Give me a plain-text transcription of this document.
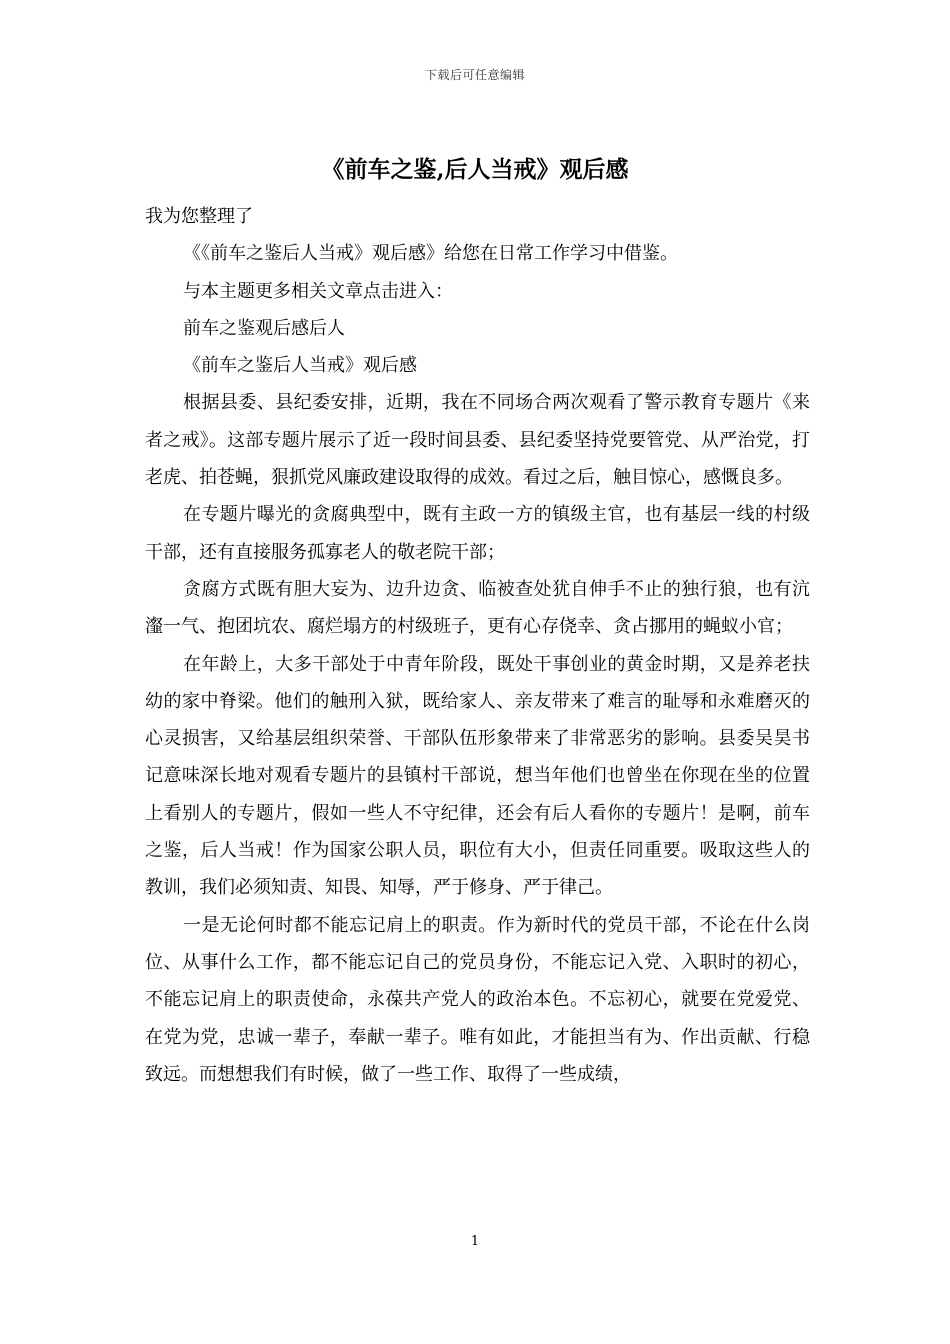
下载后可任意编辑
《前车之鉴,后人当戒》观后感

我为您整理了

《《前车之鉴后人当戒》观后感》给您在日常工作学习中借鉴。

与本主题更多相关文章点击进入：

前车之鉴观后感后人

《前车之鉴后人当戒》观后感

根据县委、县纪委安排，近期，我在不同场合两次观看了警示教育专题片《来者之戒》。这部专题片展示了近一段时间县委、县纪委坚持党要管党、从严治党，打老虎、拍苍蝇，狠抓党风廉政建设取得的成效。看过之后，触目惊心，感慨良多。

在专题片曝光的贪腐典型中，既有主政一方的镇级主官，也有基层一线的村级干部，还有直接服务孤寡老人的敬老院干部；

贪腐方式既有胆大妄为、边升边贪、临被查处犹自伸手不止的独行狼，也有沆瀣一气、抱团坑农、腐烂塌方的村级班子，更有心存侥幸、贪占挪用的蝇蚁小官；

在年龄上，大多干部处于中青年阶段，既处干事创业的黄金时期，又是养老扶幼的家中脊梁。他们的触刑入狱，既给家人、亲友带来了难言的耻辱和永难磨灭的心灵损害，又给基层组织荣誉、干部队伍形象带来了非常恶劣的影响。县委吴昊书记意味深长地对观看专题片的县镇村干部说，想当年他们也曾坐在你现在坐的位置上看别人的专题片，假如一些人不守纪律，还会有后人看你的专题片！是啊，前车之鉴，后人当戒！作为国家公职人员，职位有大小，但责任同重要。吸取这些人的教训，我们必须知责、知畏、知辱，严于修身、严于律己。

一是无论何时都不能忘记肩上的职责。作为新时代的党员干部，不论在什么岗位、从事什么工作，都不能忘记自己的党员身份，不能忘记入党、入职时的初心，不能忘记肩上的职责使命，永葆共产党人的政治本色。不忘初心，就要在党爱党、在党为党，忠诚一辈子，奉献一辈子。唯有如此，才能担当有为、作出贡献、行稳致远。而想想我们有时候，做了一些工作、取得了一些成绩，

1
